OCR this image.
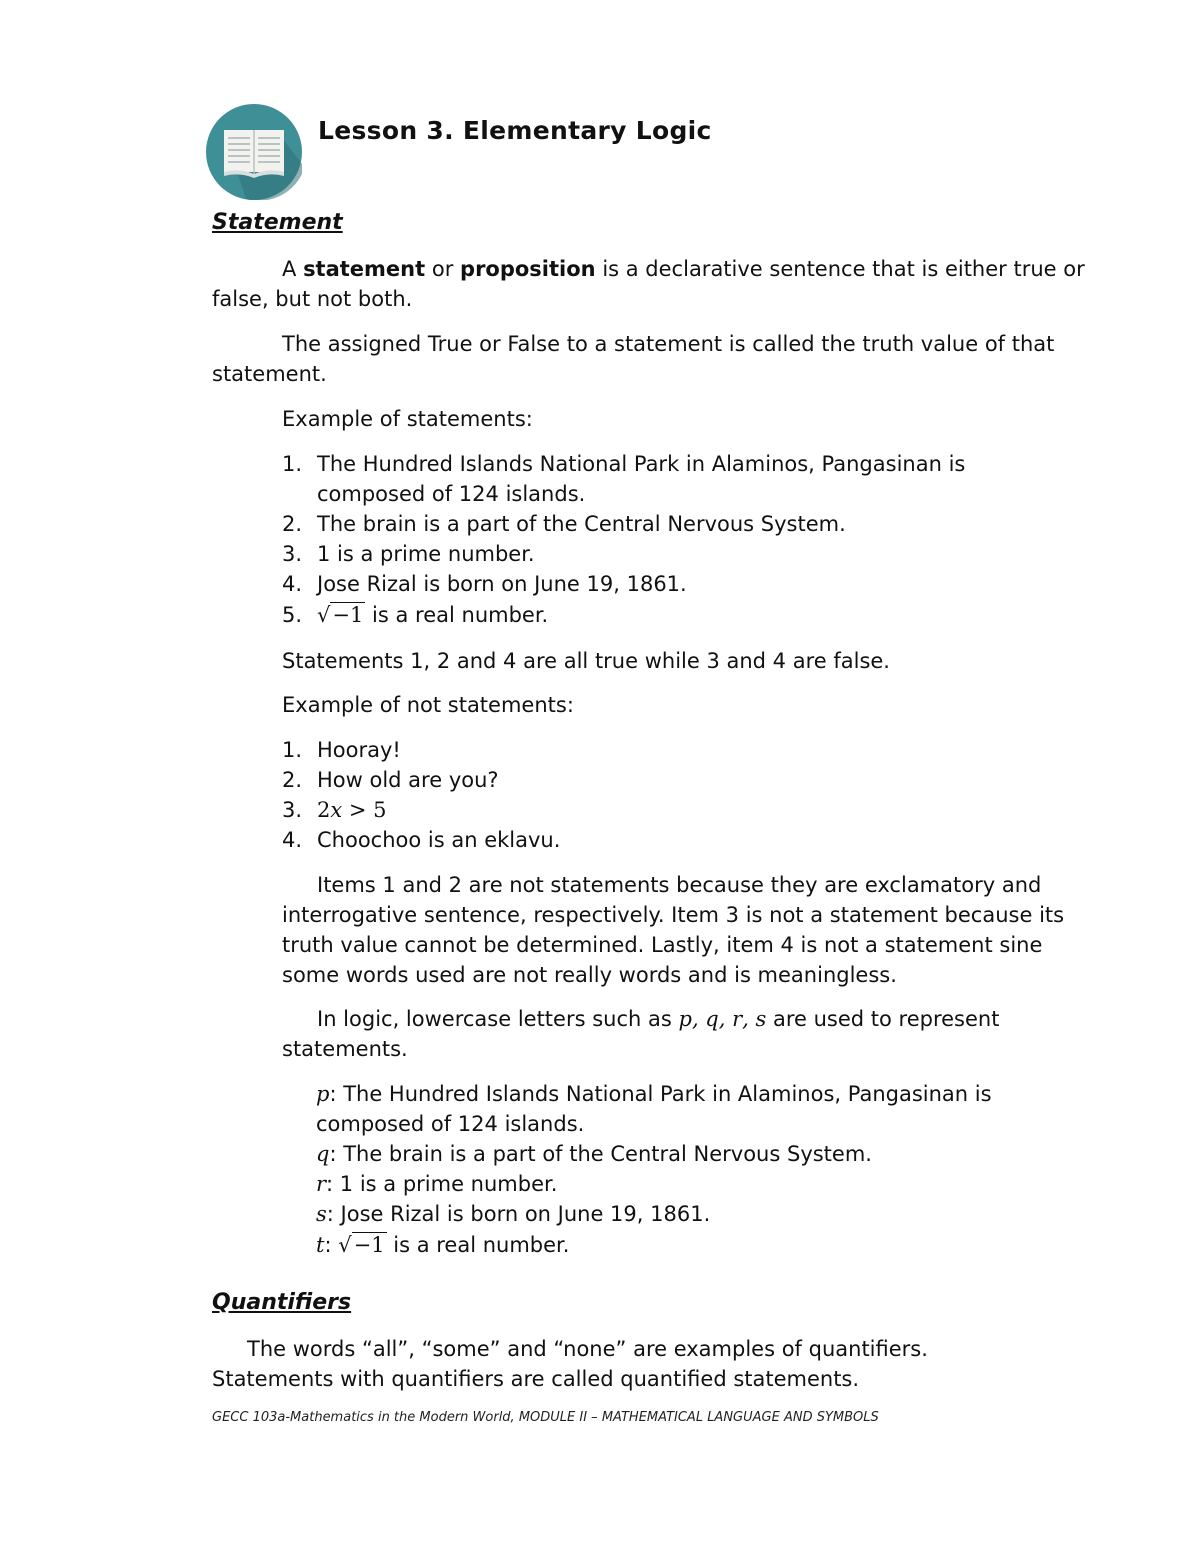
Lesson 3. Elementary Logic
Statement

A statement or proposition is a declarative sentence that is either true or false, but not both.

The assigned True or False to a statement is called the truth value of that statement.

Example of statements:

1. The Hundred Islands National Park in Alaminos, Pangasinan is composed of 124 islands.
2. The brain is a part of the Central Nervous System.
3. 1 is a prime number.
4. Jose Rizal is born on June 19, 1861.
5. √−1 is a real number.

Statements 1, 2 and 4 are all true while 3 and 4 are false.

Example of not statements:

1. Hooray!
2. How old are you?
3. 2𝑥 > 5
4. Choochoo is an eklavu.

Items 1 and 2 are not statements because they are exclamatory and interrogative sentence, respectively. Item 3 is not a statement because its truth value cannot be determined. Lastly, item 4 is not a statement sine some words used are not really words and is meaningless.

In logic, lowercase letters such as 𝑝, 𝑞, 𝑟, 𝑠 are used to represent statements.

𝑝: The Hundred Islands National Park in Alaminos, Pangasinan is composed of 124 islands.
𝑞: The brain is a part of the Central Nervous System.
𝑟: 1 is a prime number.
𝑠: Jose Rizal is born on June 19, 1861.
𝑡: √−1 is a real number.
Quantifiers

The words “all”, “some” and “none” are examples of quantifiers. Statements with quantifiers are called quantified statements.

GECC 103a-Mathematics in the Modern World, MODULE II – MATHEMATICAL LANGUAGE AND SYMBOLS
